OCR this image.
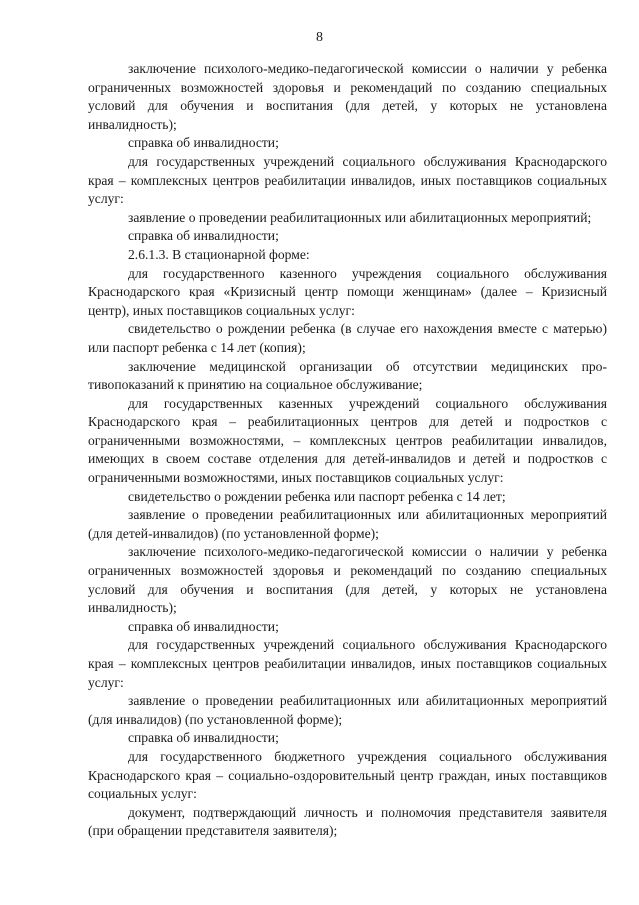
8

заключение психолого-медико-педагогической комиссии о наличии у ребенка ограниченных возможностей здоровья и рекомендаций по созданию специальных условий для обучения и воспитания (для детей, у которых не установлена инвалидность);

справка об инвалидности;

для государственных учреждений социального обслуживания Краснодарского края – комплексных центров реабилитации инвалидов, иных поставщиков социальных услуг:

заявление о проведении реабилитационных или абилитационных мероприятий;

справка об инвалидности;

2.6.1.3. В стационарной форме:

для государственного казенного учреждения социального обслуживания Краснодарского края «Кризисный центр помощи женщинам» (далее – Кризисный центр), иных поставщиков социальных услуг:

свидетельство о рождении ребенка (в случае его нахождения вместе с матерью) или паспорт ребенка с 14 лет (копия);

заключение медицинской организации об отсутствии медицинских противопоказаний к принятию на социальное обслуживание;

для государственных казенных учреждений социального обслуживания Краснодарского края – реабилитационных центров для детей и подростков с ограниченными возможностями, – комплексных центров реабилитации инвалидов, имеющих в своем составе отделения для детей-инвалидов и детей и подростков с ограниченными возможностями, иных поставщиков социальных услуг:

свидетельство о рождении ребенка или паспорт ребенка с 14 лет;

заявление о проведении реабилитационных или абилитационных мероприятий (для детей-инвалидов) (по установленной форме);

заключение психолого-медико-педагогической комиссии о наличии у ребенка ограниченных возможностей здоровья и рекомендаций по созданию специальных условий для обучения и воспитания (для детей, у которых не установлена инвалидность);

справка об инвалидности;

для государственных учреждений социального обслуживания Краснодарского края – комплексных центров реабилитации инвалидов, иных поставщиков социальных услуг:

заявление о проведении реабилитационных или абилитационных мероприятий (для инвалидов) (по установленной форме);

справка об инвалидности;

для государственного бюджетного учреждения социального обслуживания Краснодарского края – социально-оздоровительный центр граждан, иных поставщиков социальных услуг:

документ, подтверждающий личность и полномочия представителя заявителя (при обращении представителя заявителя);
